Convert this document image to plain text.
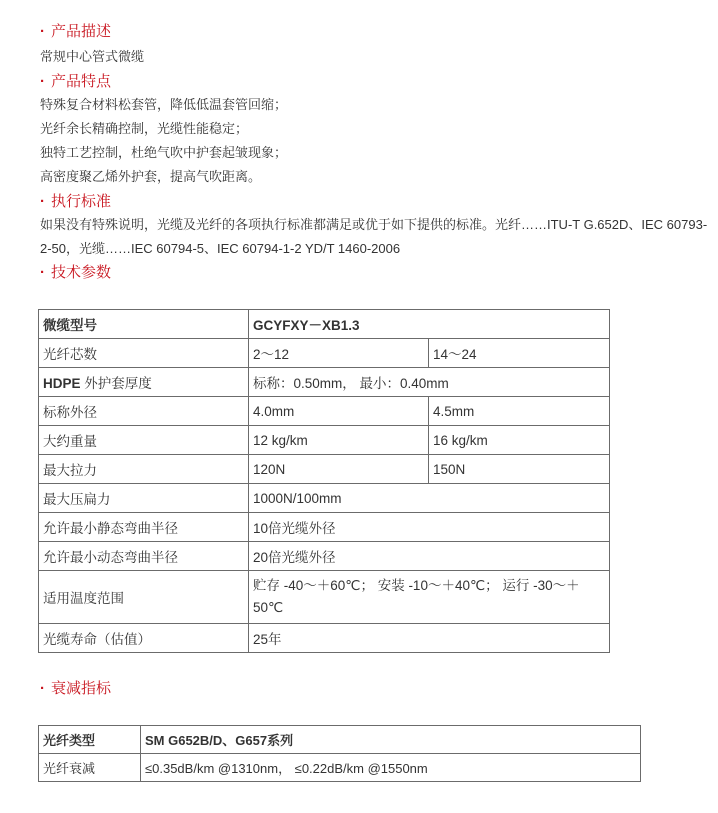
· 产品描述
常规中心管式微缆
· 产品特点
特殊复合材料松套管，降低低温套管回缩；
光纤余长精确控制，光缆性能稳定；
独特工艺控制，杜绝气吹中护套起皱现象；
高密度聚乙烯外护套，提高气吹距离。
· 执行标准
如果没有特殊说明，光缆及光纤的各项执行标准都满足或优于如下提供的标准。光纤……ITU-T G.652D、IEC 60793-2-50，光缆……IEC 60794-5、IEC 60794-1-2 YD/T 1460-2006
· 技术参数
微缆型号	GCYFXY－XB1.3	
光纤芯数	2～12	14～24
HDPE 外护套厚度	标称：0.50mm， 最小：0.40mm	
标称外径	4.0mm	4.5mm
大约重量	12 kg/km	16 kg/km
最大拉力	120N	150N
最大压扁力	1000N/100mm	
允许最小静态弯曲半径	10倍光缆外径	
允许最小动态弯曲半径	20倍光缆外径	
适用温度范围	贮存 -40～＋60℃； 安装 -10～＋40℃； 运行 -30～＋50℃	
光缆寿命（估值）	25年	
· 衰减指标
光纤类型	SM G652B/D、G657系列
光纤衰减	≤0.35dB/km @1310nm， ≤0.22dB/km @1550nm
